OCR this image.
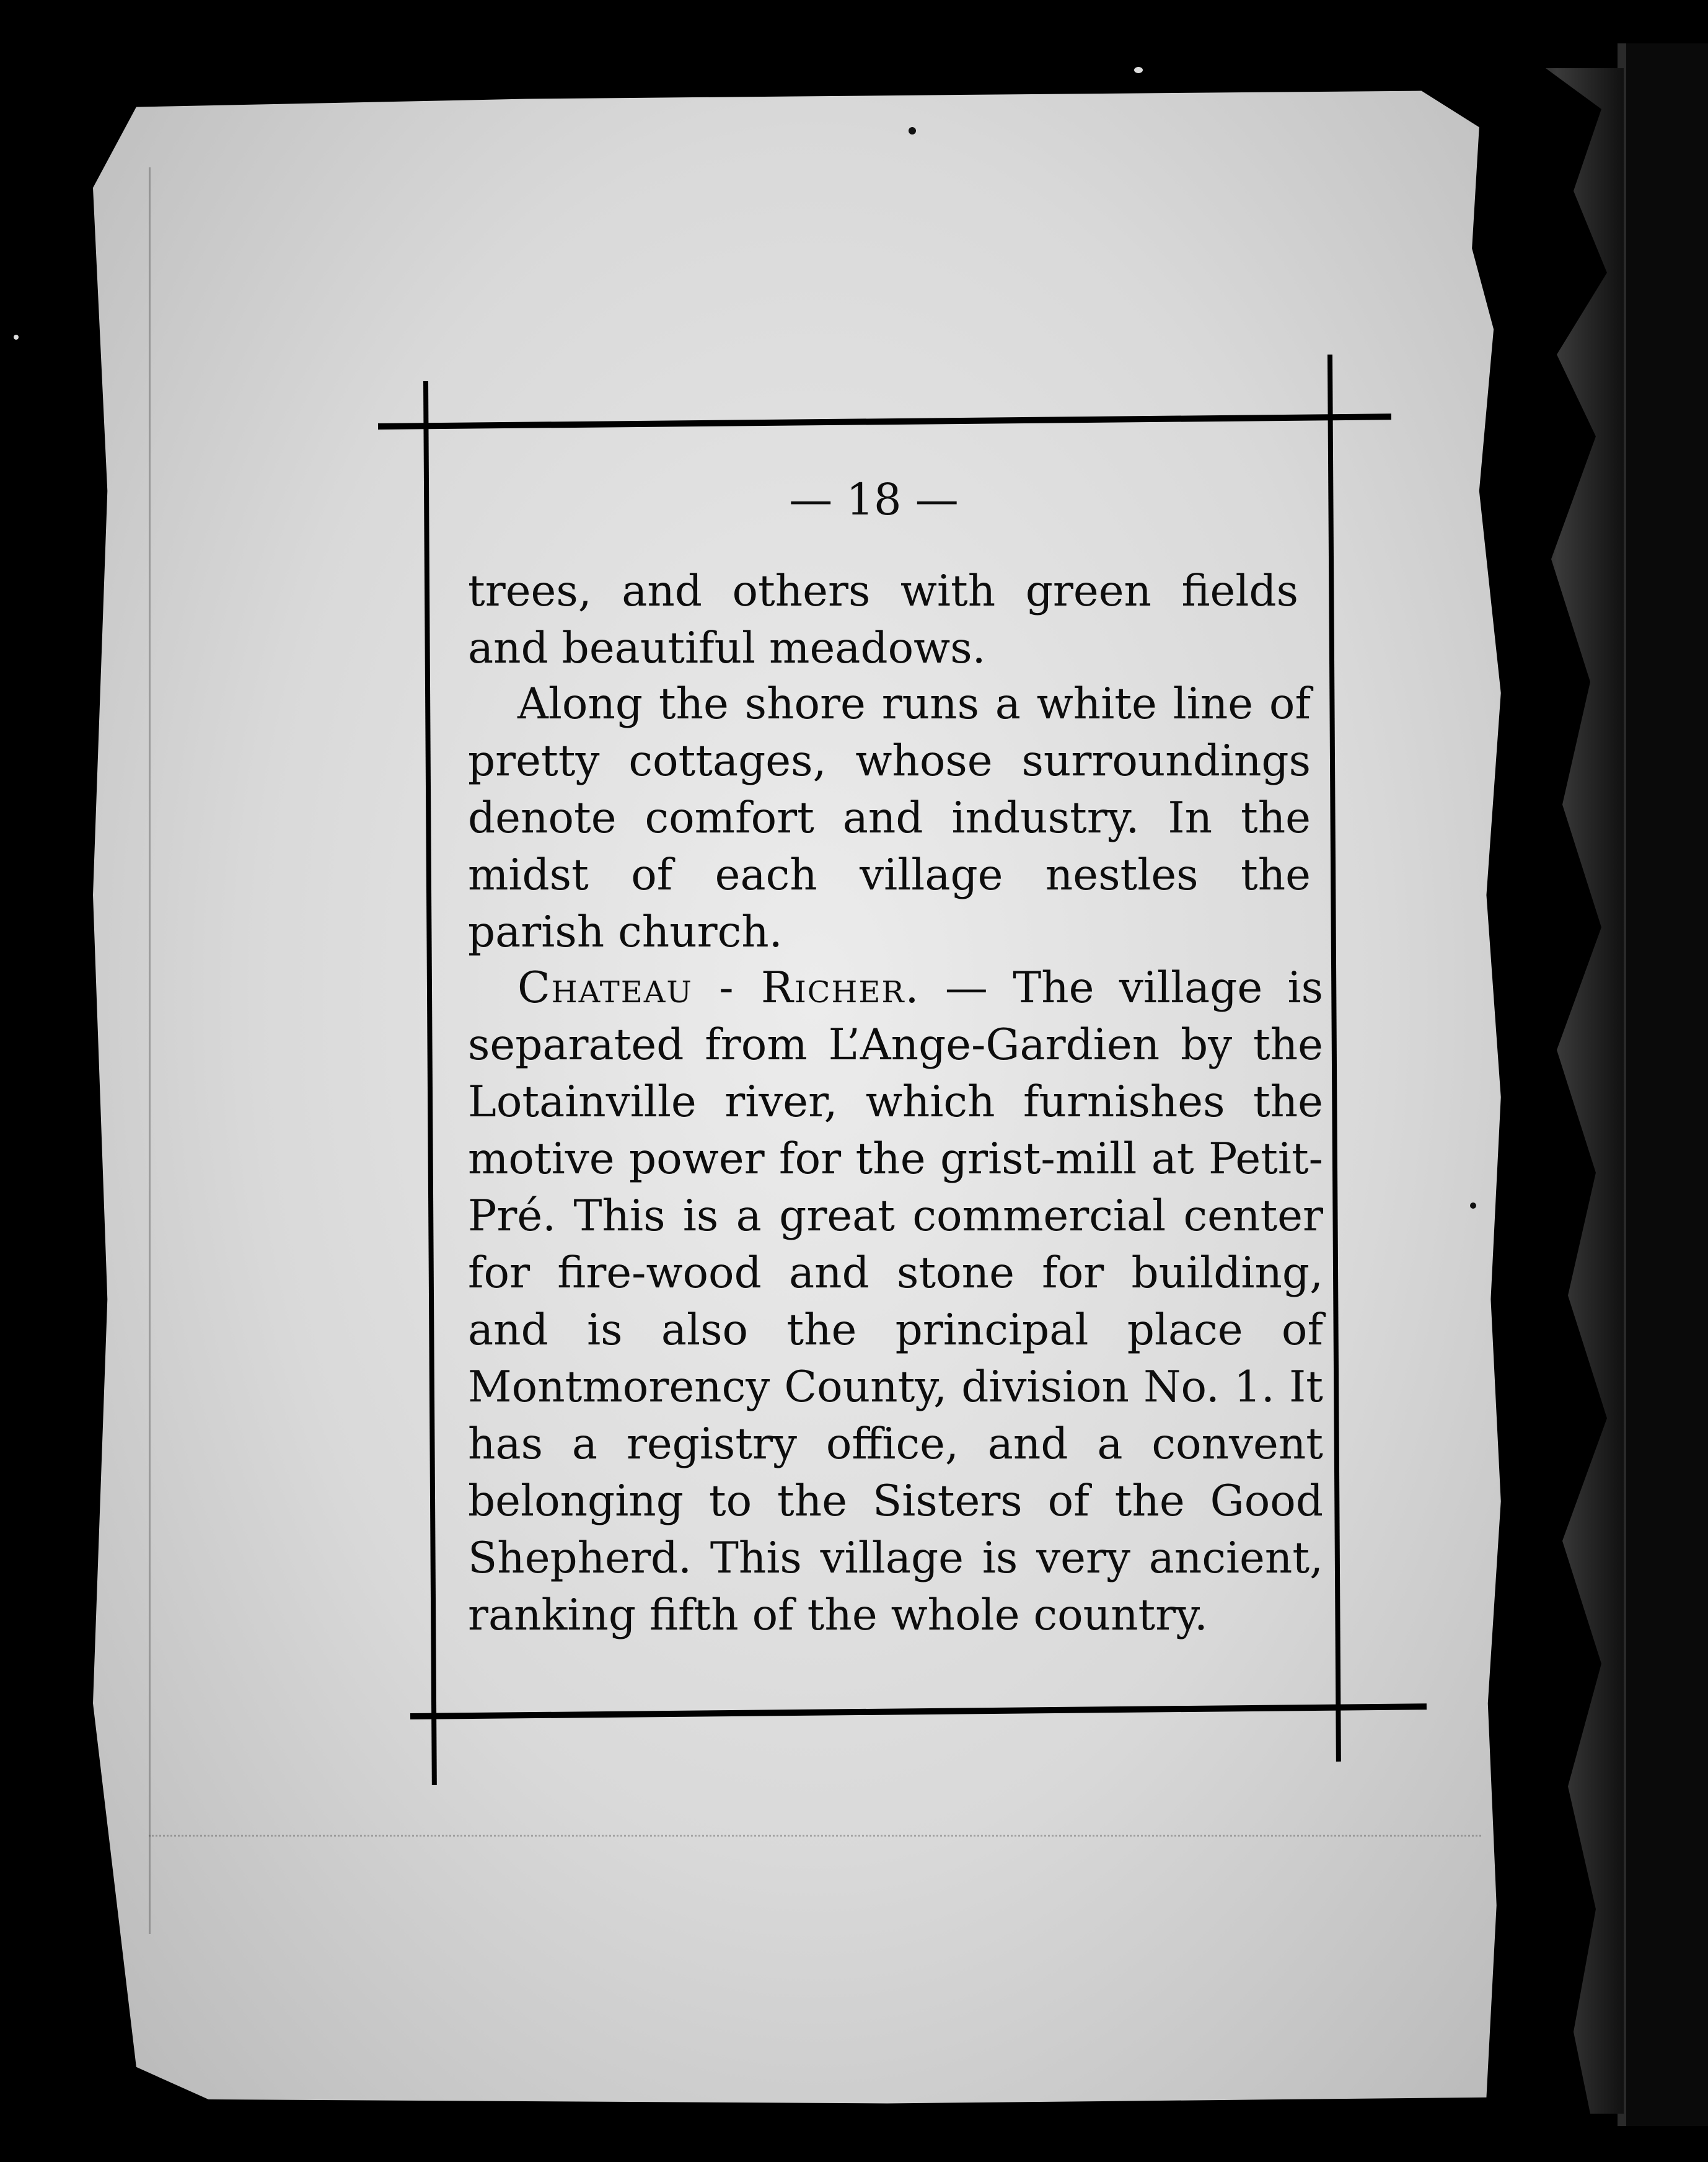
— 18 —

trees, and others with green fields and beautiful meadows.

Along the shore runs a white line of pretty cottages, whose surroundings denote comfort and industry. In the midst of each village nestles the parish church.

Chateau - Richer. — The village is separated from L’Ange-Gardien by the Lotainville river, which furnishes the motive power for the grist-mill at Petit-Pré. This is a great commercial center for fire-wood and stone for building, and is also the principal place of Montmorency County, division No. 1. It has a registry office, and a convent belonging to the Sisters of the Good Shepherd. This village is very ancient, ranking fifth of the whole country.
